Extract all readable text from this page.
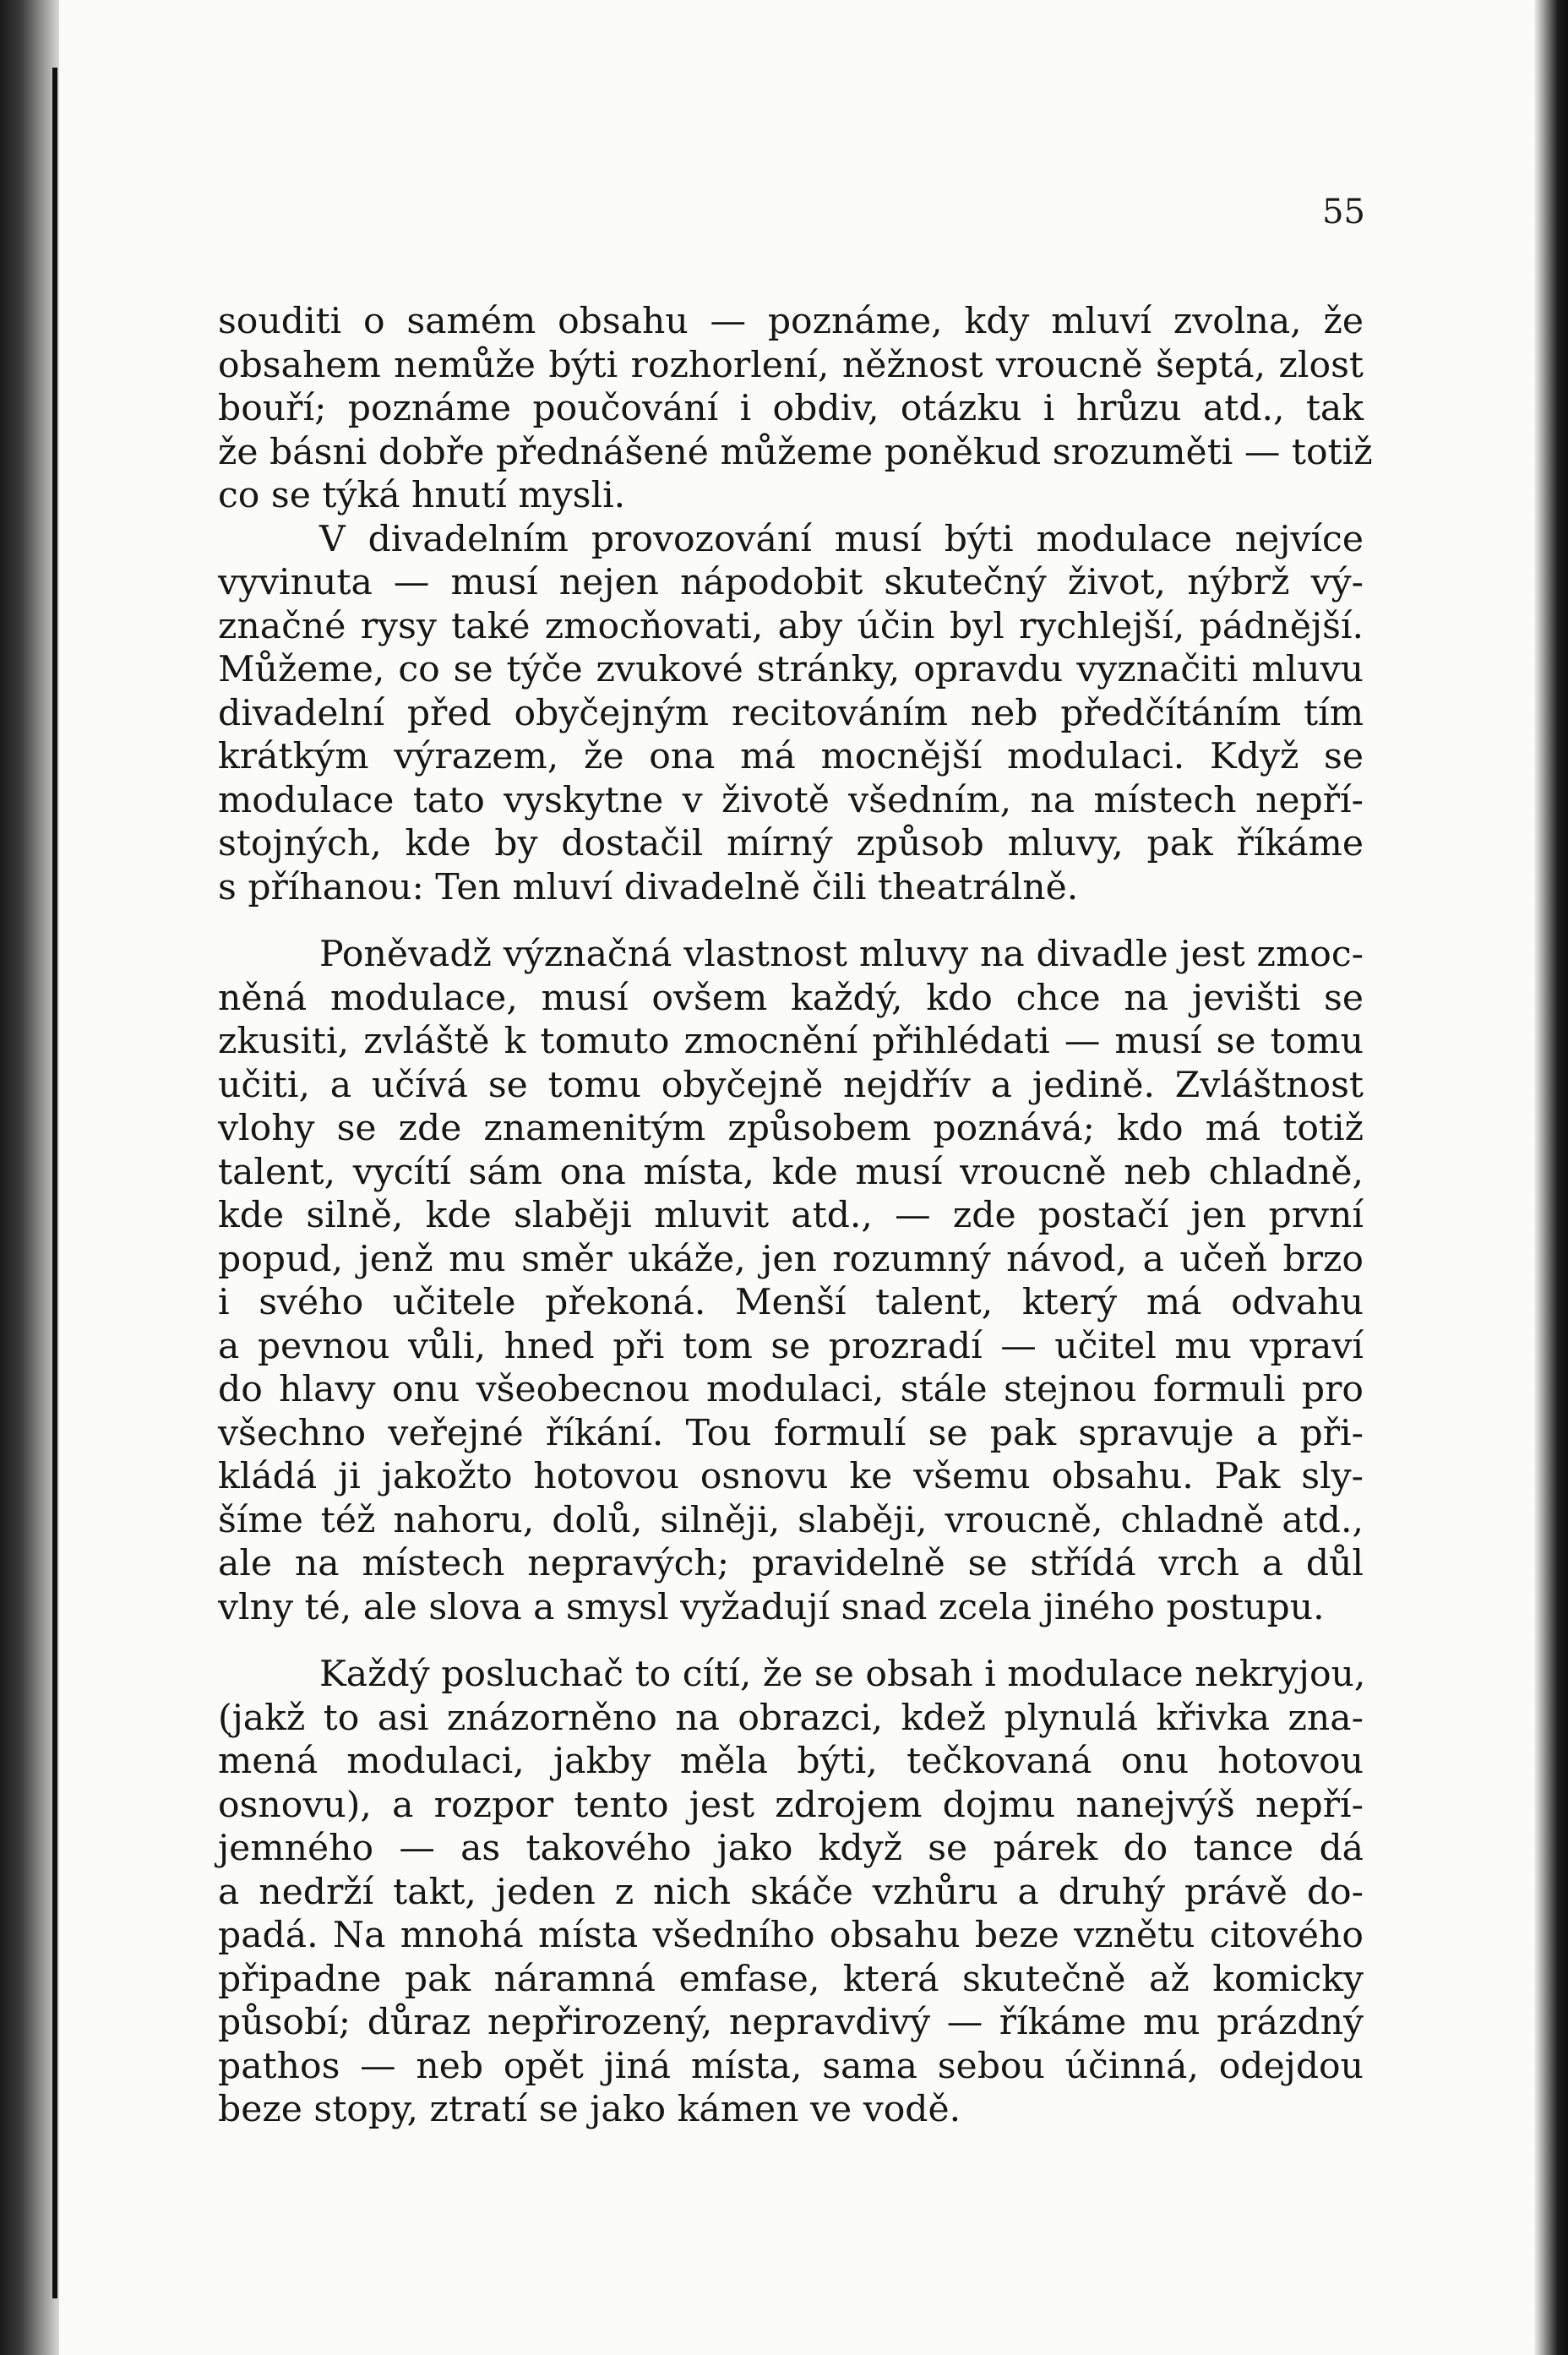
55
souditi o samém obsahu — poznáme, kdy mluví zvolna, že
obsahem nemůže býti rozhorlení, něžnost vroucně šeptá, zlost
bouří; poznáme poučování i obdiv, otázku i hrůzu atd., tak
že básni dobře přednášené můžeme poněkud srozuměti — totiž
co se týká hnutí mysli.
V divadelním provozování musí býti modulace nejvíce
vyvinuta — musí nejen nápodobit skutečný život, nýbrž vý-
značné rysy také zmocňovati, aby účin byl rychlejší, pádnější.
Můžeme, co se týče zvukové stránky, opravdu vyznačiti mluvu
divadelní před obyčejným recitováním neb předčítáním tím
krátkým výrazem, že ona má mocnější modulaci. Když se
modulace tato vyskytne v životě všedním, na místech nepří-
stojných, kde by dostačil mírný způsob mluvy, pak říkáme
s příhanou: Ten mluví divadelně čili theatrálně.
Poněvadž význačná vlastnost mluvy na divadle jest zmoc-
něná modulace, musí ovšem každý, kdo chce na jevišti se
zkusiti, zvláště k tomuto zmocnění přihlédati — musí se tomu
učiti, a učívá se tomu obyčejně nejdřív a jedině. Zvláštnost
vlohy se zde znamenitým způsobem poznává; kdo má totiž
talent, vycítí sám ona místa, kde musí vroucně neb chladně,
kde silně, kde slaběji mluvit atd., — zde postačí jen první
popud, jenž mu směr ukáže, jen rozumný návod, a učeň brzo
i svého učitele překoná. Menší talent, který má odvahu
a pevnou vůli, hned při tom se prozradí — učitel mu vpraví
do hlavy onu všeobecnou modulaci, stále stejnou formuli pro
všechno veřejné říkání. Tou formulí se pak spravuje a při-
kládá ji jakožto hotovou osnovu ke všemu obsahu. Pak sly-
šíme též nahoru, dolů, silněji, slaběji, vroucně, chladně atd.,
ale na místech nepravých; pravidelně se střídá vrch a důl
vlny té, ale slova a smysl vyžadují snad zcela jiného postupu.
Každý posluchač to cítí, že se obsah i modulace nekryjou,
(jakž to asi znázorněno na obrazci, kdež plynulá křivka zna-
mená modulaci, jakby měla býti, tečkovaná onu hotovou
osnovu), a rozpor tento jest zdrojem dojmu nanejvýš nepří-
jemného — as takového jako když se párek do tance dá
a nedrží takt, jeden z nich skáče vzhůru a druhý právě do-
padá. Na mnohá místa všedního obsahu beze vznětu citového
připadne pak náramná emfase, která skutečně až komicky
působí; důraz nepřirozený, nepravdivý — říkáme mu prázdný
pathos — neb opět jiná místa, sama sebou účinná, odejdou
beze stopy, ztratí se jako kámen ve vodě.
